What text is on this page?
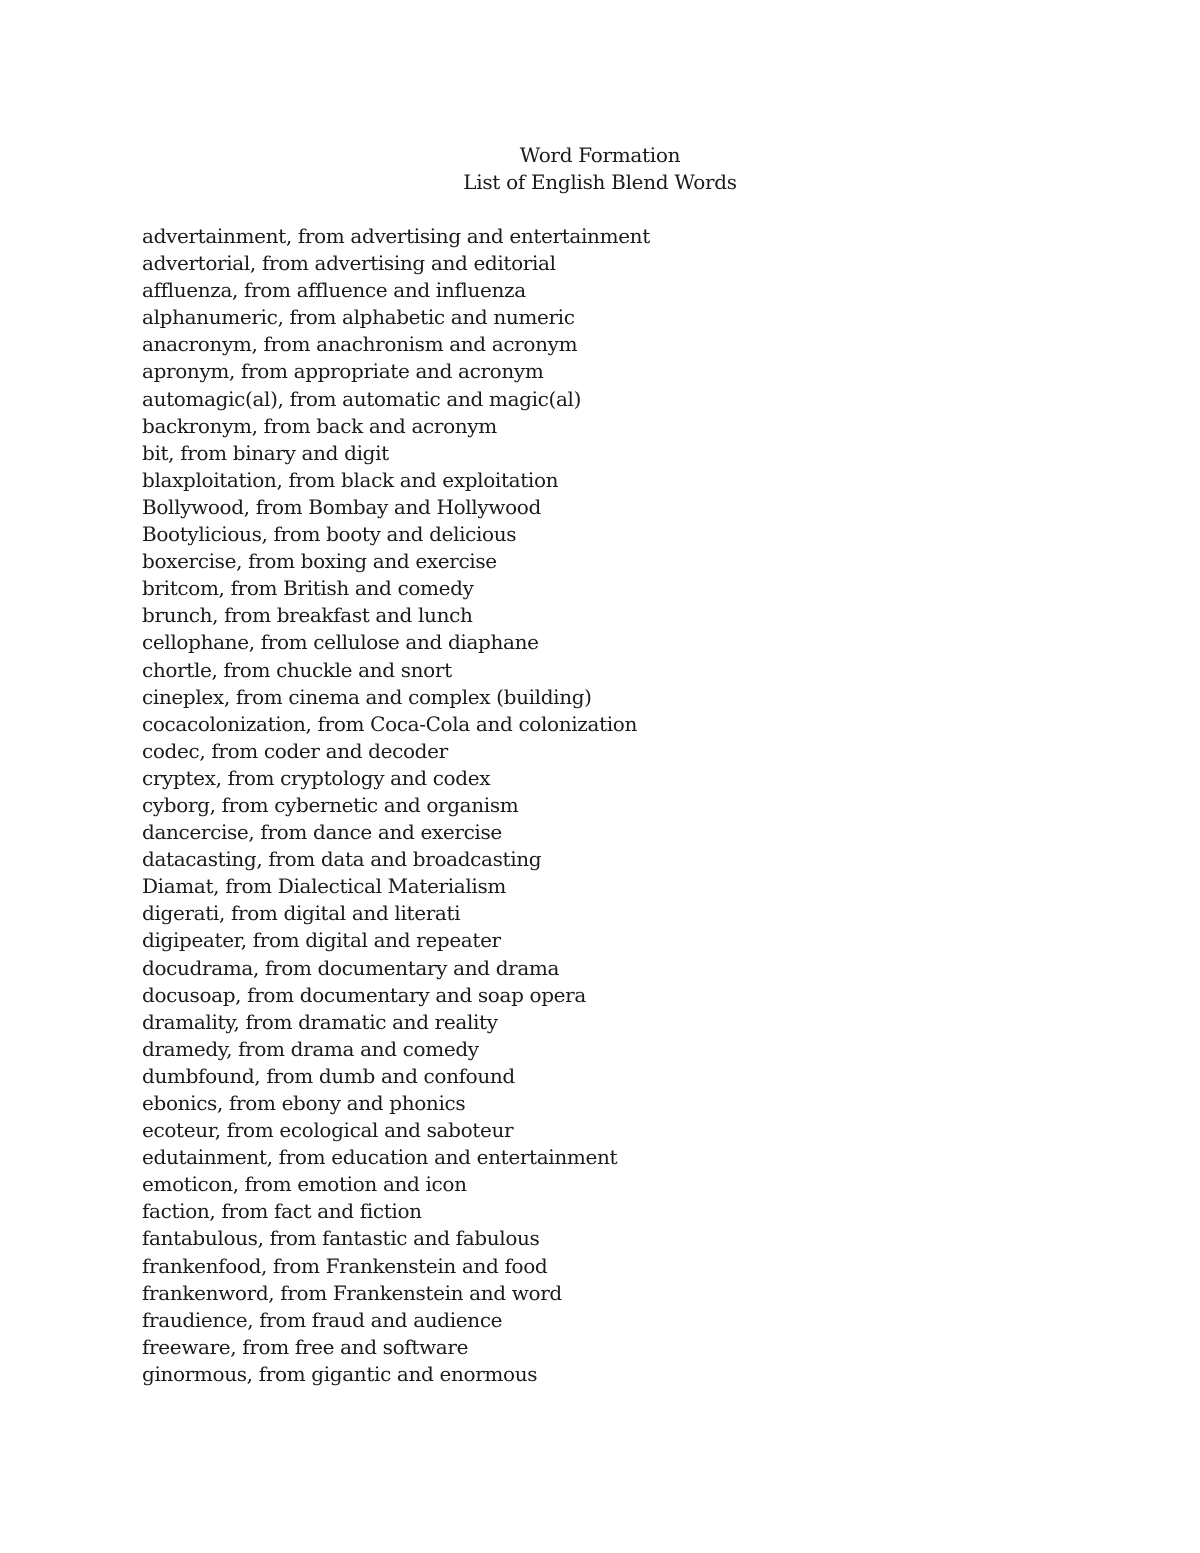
Word Formation
List of English Blend Words
advertainment, from advertising and entertainment
advertorial, from advertising and editorial
affluenza, from affluence and influenza
alphanumeric, from alphabetic and numeric
anacronym, from anachronism and acronym
apronym, from appropriate and acronym
automagic(al), from automatic and magic(al)
backronym, from back and acronym
bit, from binary and digit
blaxploitation, from black and exploitation
Bollywood, from Bombay and Hollywood
Bootylicious, from booty and delicious
boxercise, from boxing and exercise
britcom, from British and comedy
brunch, from breakfast and lunch
cellophane, from cellulose and diaphane
chortle, from chuckle and snort
cineplex, from cinema and complex (building)
cocacolonization, from Coca-Cola and colonization
codec, from coder and decoder
cryptex, from cryptology and codex
cyborg, from cybernetic and organism
dancercise, from dance and exercise
datacasting, from data and broadcasting
Diamat, from Dialectical Materialism
digerati, from digital and literati
digipeater, from digital and repeater
docudrama, from documentary and drama
docusoap, from documentary and soap opera
dramality, from dramatic and reality
dramedy, from drama and comedy
dumbfound, from dumb and confound
ebonics, from ebony and phonics
ecoteur, from ecological and saboteur
edutainment, from education and entertainment
emoticon, from emotion and icon
faction, from fact and fiction
fantabulous, from fantastic and fabulous
frankenfood, from Frankenstein and food
frankenword, from Frankenstein and word
fraudience, from fraud and audience
freeware, from free and software
ginormous, from gigantic and enormous
